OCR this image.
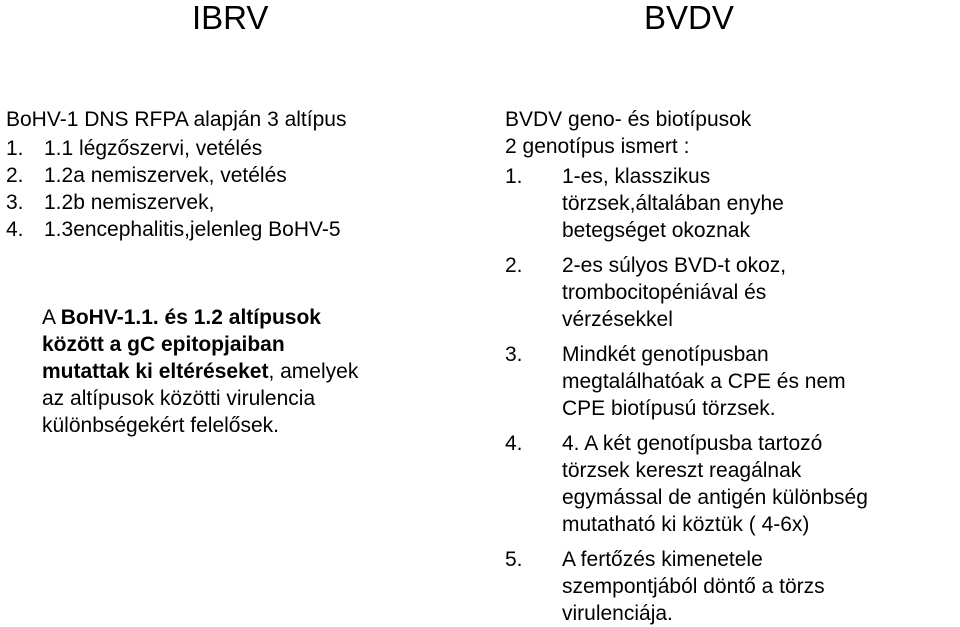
IBRV	BVDV
BoHV-1 DNS RFPA alapján 3 altípus
1. 1.1 légzőszervi, vetélés
2. 1.2a nemiszervek, vetélés
3. 1.2b nemiszervek,
4. 1.3encephalitis,jelenleg BoHV-5
A BoHV-1.1. és 1.2 altípusok
között a gC epitopjaiban
mutattak ki eltéréseket, amelyek
az altípusok közötti virulencia
különbségekért felelősek.
BVDV geno- és biotípusok
2 genotípus ismert :
1. 1-es, klasszikus
törzsek,általában enyhe
betegséget okoznak
2. 2-es súlyos BVD-t okoz,
trombocitopéniával és
vérzésekkel
3. Mindkét genotípusban
megtalálhatóak a CPE és nem
CPE biotípusú törzsek.
4. 4. A két genotípusba tartozó
törzsek kereszt reagálnak
egymással de antigén különbség
mutatható ki köztük ( 4-6x)
5. A fertőzés kimenetele
szempontjából döntő a törzs
virulenciája.
